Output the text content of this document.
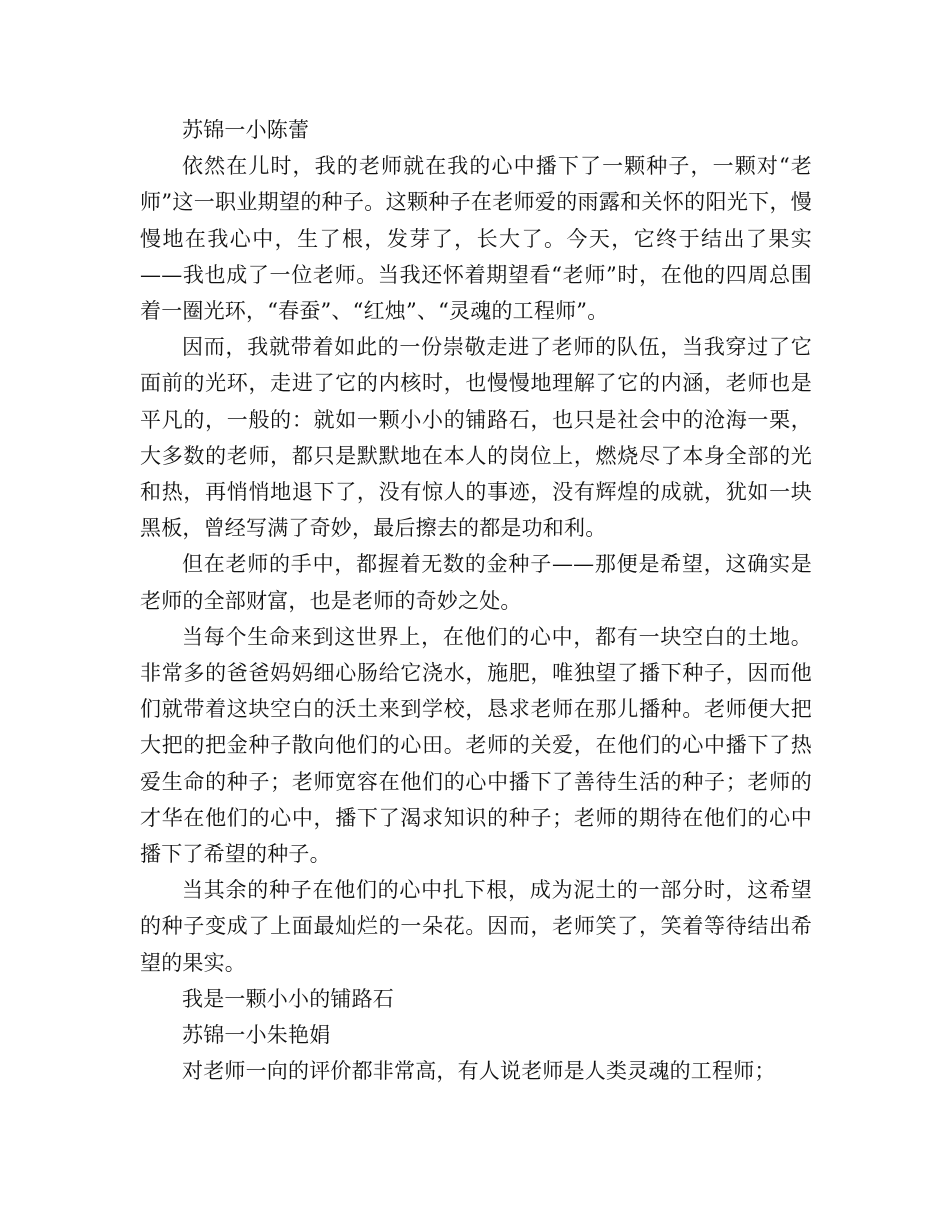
苏锦一小陈蕾

依然在儿时，我的老师就在我的心中播下了一颗种子，一颗对“老师”这一职业期望的种子。这颗种子在老师爱的雨露和关怀的阳光下，慢慢地在我心中，生了根，发芽了，长大了。今天，它终于结出了果实——我也成了一位老师。当我还怀着期望看“老师”时，在他的四周总围着一圈光环，“春蚕”、“红烛”、“灵魂的工程师”。

因而，我就带着如此的一份崇敬走进了老师的队伍，当我穿过了它面前的光环，走进了它的内核时，也慢慢地理解了它的内涵，老师也是平凡的，一般的：就如一颗小小的铺路石，也只是社会中的沧海一栗，大多数的老师，都只是默默地在本人的岗位上，燃烧尽了本身全部的光和热，再悄悄地退下了，没有惊人的事迹，没有辉煌的成就，犹如一块黑板，曾经写满了奇妙，最后擦去的都是功和利。

但在老师的手中，都握着无数的金种子——那便是希望，这确实是老师的全部财富，也是老师的奇妙之处。

当每个生命来到这世界上，在他们的心中，都有一块空白的土地。非常多的爸爸妈妈细心肠给它浇水，施肥，唯独望了播下种子，因而他们就带着这块空白的沃土来到学校，恳求老师在那儿播种。老师便大把大把的把金种子散向他们的心田。老师的关爱，在他们的心中播下了热爱生命的种子；老师宽容在他们的心中播下了善待生活的种子；老师的才华在他们的心中，播下了渴求知识的种子；老师的期待在他们的心中播下了希望的种子。

当其余的种子在他们的心中扎下根，成为泥土的一部分时，这希望的种子变成了上面最灿烂的一朵花。因而，老师笑了，笑着等待结出希望的果实。

我是一颗小小的铺路石

苏锦一小朱艳娟

对老师一向的评价都非常高，有人说老师是人类灵魂的工程师；
